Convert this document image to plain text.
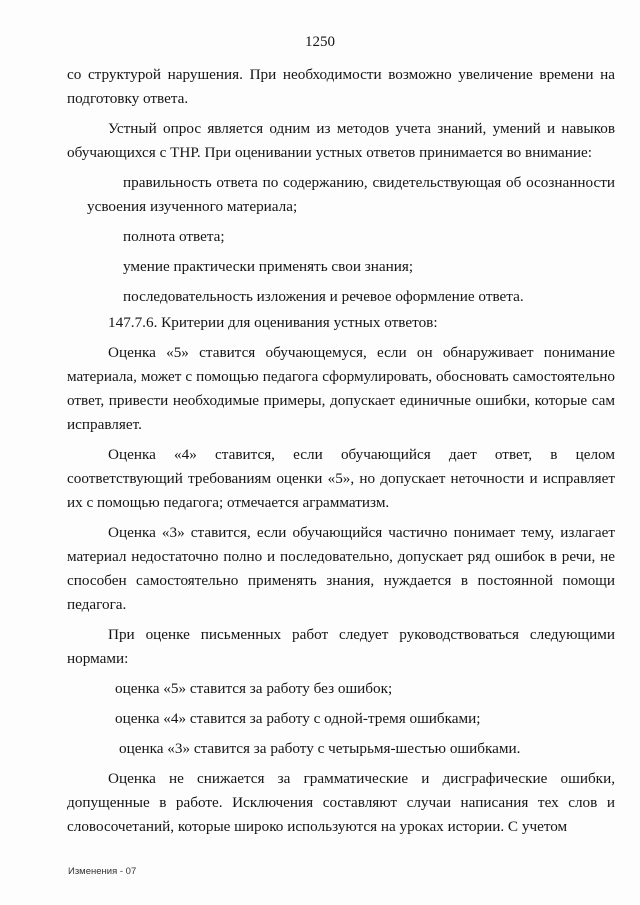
1250

со структурой нарушения. При необходимости возможно увеличение времени на подготовку ответа.

Устный опрос является одним из методов учета знаний, умений и навыков обучающихся с ТНР. При оценивании устных ответов принимается во внимание:

правильность ответа по содержанию, свидетельствующая об осознанности усвоения изученного материала;

полнота ответа;

умение практически применять свои знания;

последовательность изложения и речевое оформление ответа.

147.7.6. Критерии для оценивания устных ответов:

Оценка «5» ставится обучающемуся, если он обнаруживает понимание материала, может с помощью педагога сформулировать, обосновать самостоятельно ответ, привести необходимые примеры, допускает единичные ошибки, которые сам исправляет.

Оценка «4» ставится, если обучающийся дает ответ, в целом соответствующий требованиям оценки «5», но допускает неточности и исправляет их с помощью педагога; отмечается аграмматизм.

Оценка «3» ставится, если обучающийся частично понимает тему, излагает материал недостаточно полно и последовательно, допускает ряд ошибок в речи, не способен самостоятельно применять знания, нуждается в постоянной помощи педагога.

При оценке письменных работ следует руководствоваться следующими нормами:

оценка «5» ставится за работу без ошибок;

оценка «4» ставится за работу с одной-тремя ошибками;

оценка «3» ставится за работу с четырьмя-шестью ошибками.

Оценка не снижается за грамматические и дисграфические ошибки, допущенные в работе. Исключения составляют случаи написания тех слов и словосочетаний, которые широко используются на уроках истории. С учетом

Изменения - 07
